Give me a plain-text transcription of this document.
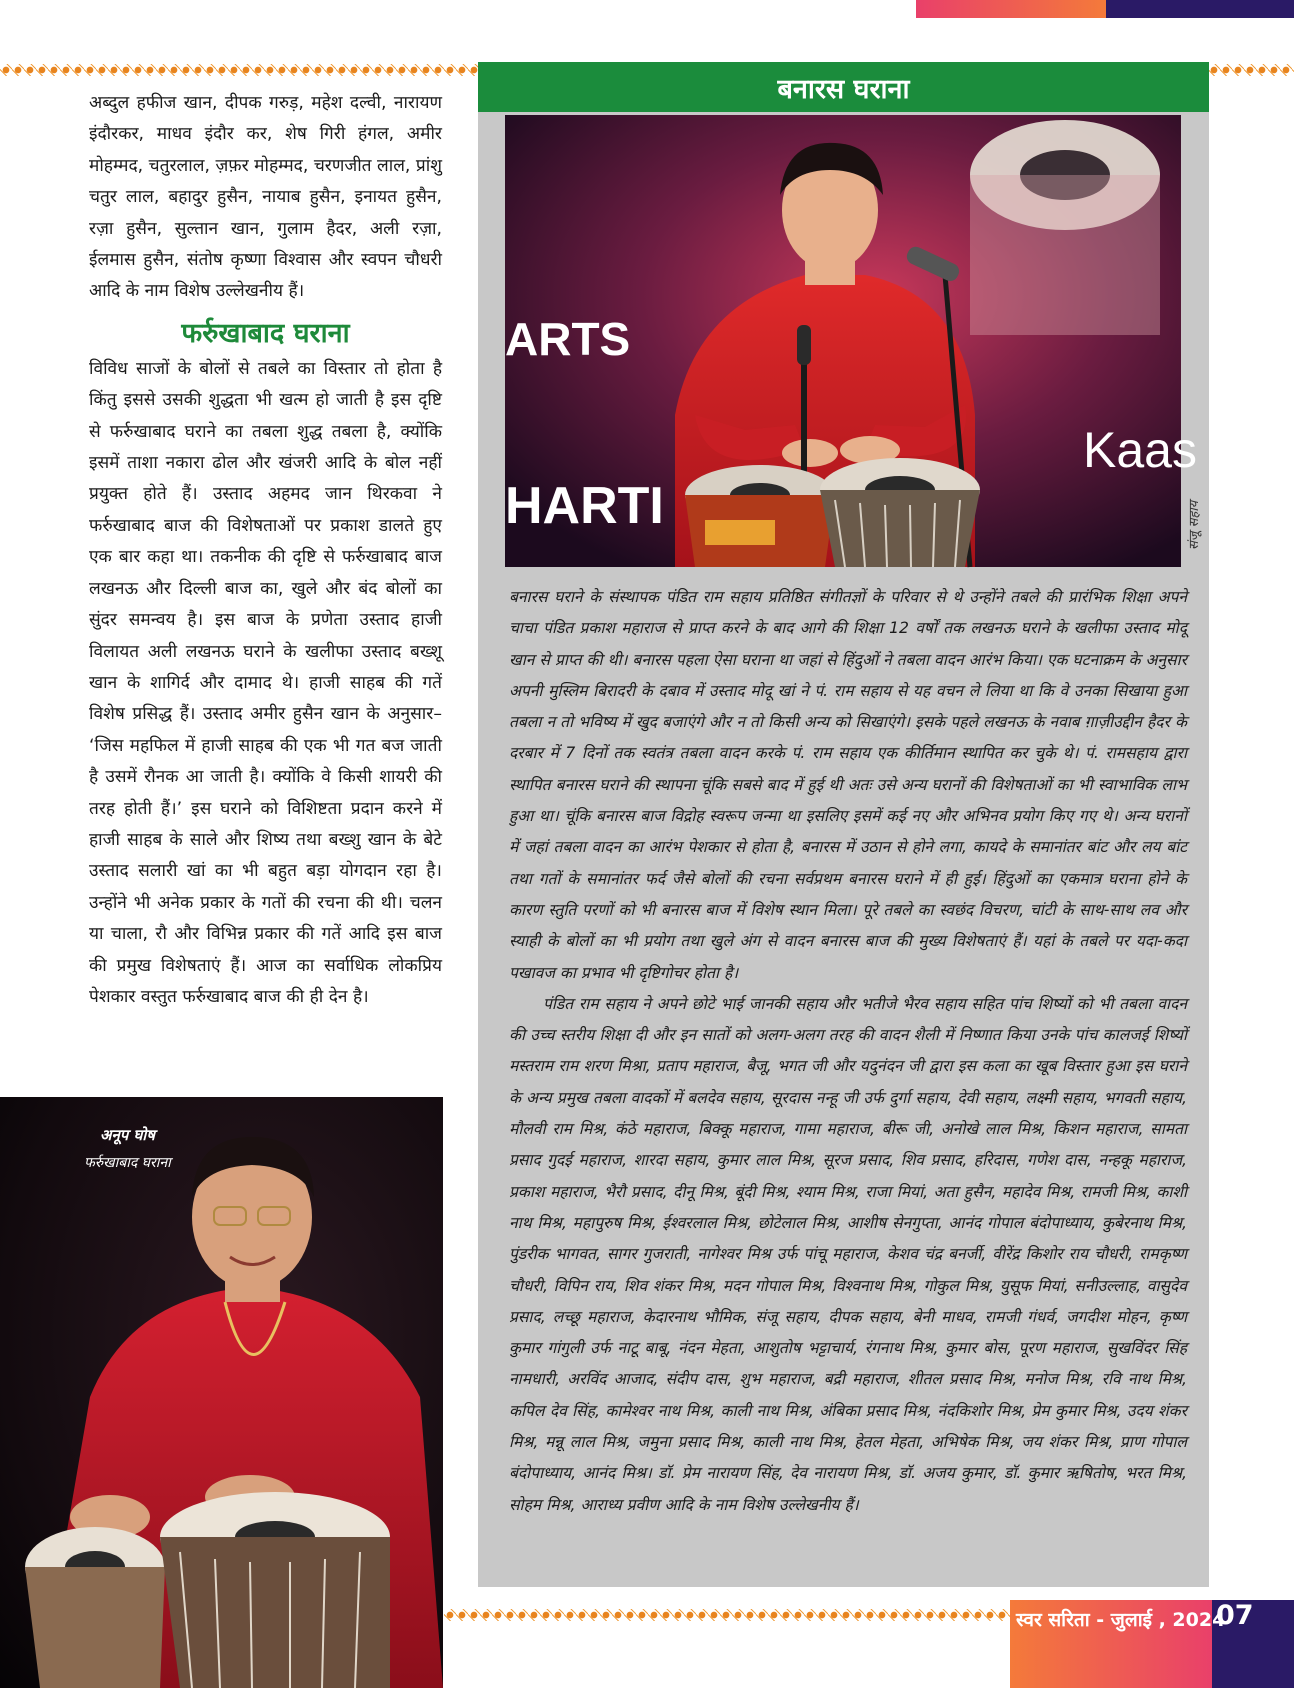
अब्दुल हफीज खान, दीपक गरुड़, महेश दल्वी, नारायण इंदौरकर, माधव इंदौर कर, शेष गिरी हंगल, अमीर मोहम्मद, चतुरलाल, ज़फ़र मोहम्मद, चरणजीत लाल, प्रांशु चतुर लाल, बहादुर हुसैन, नायाब हुसैन, इनायत हुसैन, रज़ा हुसैन, सुल्तान खान, गुलाम हैदर, अली रज़ा, ईलमास हुसैन, संतोष कृष्णा विश्वास और स्वपन चौधरी आदि के नाम विशेष उल्लेखनीय हैं।

फर्रुखाबाद घराना

विविध साजों के बोलों से तबले का विस्तार तो होता है किंतु इससे उसकी शुद्धता भी खत्म हो जाती है इस दृष्टि से फर्रुखाबाद घराने का तबला शुद्ध तबला है, क्योंकि इसमें ताशा नकारा ढोल और खंजरी आदि के बोल नहीं प्रयुक्त होते हैं। उस्ताद अहमद जान थिरकवा ने फर्रुखाबाद बाज की विशेषताओं पर प्रकाश डालते हुए एक बार कहा था। तकनीक की दृष्टि से फर्रुखाबाद बाज लखनऊ और दिल्ली बाज का, खुले और बंद बोलों का सुंदर समन्वय है। इस बाज के प्रणेता उस्ताद हाजी विलायत अली लखनऊ घराने के खलीफा उस्ताद बख्शू खान के शागिर्द और दामाद थे। हाजी साहब की गतें विशेष प्रसिद्ध हैं। उस्ताद अमीर हुसैन खान के अनुसार– ‘जिस महफिल में हाजी साहब की एक भी गत बज जाती है उसमें रौनक आ जाती है। क्योंकि वे किसी शायरी की तरह होती हैं।’ इस घराने को विशिष्टता प्रदान करने में हाजी साहब के साले और शिष्य तथा बख्शु खान के बेटे उस्ताद सलारी खां का भी बहुत बड़ा योगदान रहा है। उन्होंने भी अनेक प्रकार के गतों की रचना की थी। चलन या चाला, रौ और विभिन्न प्रकार की गतें आदि इस बाज की प्रमुख विशेषताएं हैं। आज का सर्वाधिक लोकप्रिय पेशकार वस्तुत फर्रुखाबाद बाज की ही देन है।

बनारस घराना
ARTS
HARTI
Kaas
संजू सहाय

बनारस घराने के संस्थापक पंडित राम सहाय प्रतिष्ठित संगीतज्ञों के परिवार से थे उन्होंने तबले की प्रारंभिक शिक्षा अपने चाचा पंडित प्रकाश महाराज से प्राप्त करने के बाद आगे की शिक्षा 12 वर्षों तक लखनऊ घराने के खलीफा उस्ताद मोदू खान से प्राप्त की थी। बनारस पहला ऐसा घराना था जहां से हिंदुओं ने तबला वादन आरंभ किया। एक घटनाक्रम के अनुसार अपनी मुस्लिम बिरादरी के दबाव में उस्ताद मोदू खां ने पं. राम सहाय से यह वचन ले लिया था कि वे उनका सिखाया हुआ तबला न तो भविष्य में खुद बजाएंगे और न तो किसी अन्य को सिखाएंगे। इसके पहले लखनऊ के नवाब ग़ाज़ीउद्दीन हैदर के दरबार में 7 दिनों तक स्वतंत्र तबला वादन करके पं. राम सहाय एक कीर्तिमान स्थापित कर चुके थे। पं. रामसहाय द्वारा स्थापित बनारस घराने की स्थापना चूंकि सबसे बाद में हुई थी अतः उसे अन्य घरानों की विशेषताओं का भी स्वाभाविक लाभ हुआ था। चूंकि बनारस बाज विद्रोह स्वरूप जन्मा था इसलिए इसमें कई नए और अभिनव प्रयोग किए गए थे। अन्य घरानों में जहां तबला वादन का आरंभ पेशकार से होता है, बनारस में उठान से होने लगा, कायदे के समानांतर बांट और लय बांट तथा गतों के समानांतर फर्द जैसे बोलों की रचना सर्वप्रथम बनारस घराने में ही हुई। हिंदुओं का एकमात्र घराना होने के कारण स्तुति परणों को भी बनारस बाज में विशेष स्थान मिला। पूरे तबले का स्वछंद विचरण, चांटी के साथ-साथ लव और स्याही के बोलों का भी प्रयोग तथा खुले अंग से वादन बनारस बाज की मुख्य विशेषताएं हैं। यहां के तबले पर यदा-कदा पखावज का प्रभाव भी दृष्टिगोचर होता है।

पंडित राम सहाय ने अपने छोटे भाई जानकी सहाय और भतीजे भैरव सहाय सहित पांच शिष्यों को भी तबला वादन की उच्च स्तरीय शिक्षा दी और इन सातों को अलग-अलग तरह की वादन शैली में निष्णात किया उनके पांच कालजई शिष्यों मस्तराम राम शरण मिश्रा, प्रताप महाराज, बैजू, भगत जी और यदुनंदन जी द्वारा इस कला का खूब विस्तार हुआ इस घराने के अन्य प्रमुख तबला वादकों में बलदेव सहाय, सूरदास नन्हू जी उर्फ दुर्गा सहाय, देवी सहाय, लक्ष्मी सहाय, भगवती सहाय, मौलवी राम मिश्र, कंठे महाराज, बिक्कू महाराज, गामा महाराज, बीरू जी, अनोखे लाल मिश्र, किशन महाराज, सामता प्रसाद गुदई महाराज, शारदा सहाय, कुमार लाल मिश्र, सूरज प्रसाद, शिव प्रसाद, हरिदास, गणेश दास, नन्हकू महाराज, प्रकाश महाराज, भैरौ प्रसाद, दीनू मिश्र, बूंदी मिश्र, श्याम मिश्र, राजा मियां, अता हुसैन, महादेव मिश्र, रामजी मिश्र, काशी नाथ मिश्र, महापुरुष मिश्र, ईश्वरलाल मिश्र, छोटेलाल मिश्र, आशीष सेनगुप्ता, आनंद गोपाल बंदोपाध्याय, कुबेरनाथ मिश्र, पुंडरीक भागवत, सागर गुजराती, नागेश्वर मिश्र उर्फ पांचू महाराज, केशव चंद्र बनर्जी, वीरेंद्र किशोर राय चौधरी, रामकृष्ण चौधरी, विपिन राय, शिव शंकर मिश्र, मदन गोपाल मिश्र, विश्वनाथ मिश्र, गोकुल मिश्र, युसूफ मियां, सनीउल्लाह, वासुदेव प्रसाद, लच्छू महाराज, केदारनाथ भौमिक, संजू सहाय, दीपक सहाय, बेनी माधव, रामजी गंधर्व, जगदीश मोहन, कृष्ण कुमार गांगुली उर्फ नाटू बाबू, नंदन मेहता, आशुतोष भट्टाचार्य, रंगनाथ मिश्र, कुमार बोस, पूरण महाराज, सुखविंदर सिंह नामधारी, अरविंद आजाद, संदीप दास, शुभ महाराज, बद्री महाराज, शीतल प्रसाद मिश्र, मनोज मिश्र, रवि नाथ मिश्र, कपिल देव सिंह, कामेश्वर नाथ मिश्र, काली नाथ मिश्र, अंबिका प्रसाद मिश्र, नंदकिशोर मिश्र, प्रेम कुमार मिश्र, उदय शंकर मिश्र, मन्नू लाल मिश्र, जमुना प्रसाद मिश्र, काली नाथ मिश्र, हेतल मेहता, अभिषेक मिश्र, जय शंकर मिश्र, प्राण गोपाल बंदोपाध्याय, आनंद मिश्र। डॉ. प्रेम नारायण सिंह, देव नारायण मिश्र, डॉ. अजय कुमार, डॉ. कुमार ऋषितोष, भरत मिश्र, सोहम मिश्र, आराध्य प्रवीण आदि के नाम विशेष उल्लेखनीय हैं।

अनूप घोष
फर्रुखाबाद घराना
स्वर सरिता - जुलाई , 2024
07
